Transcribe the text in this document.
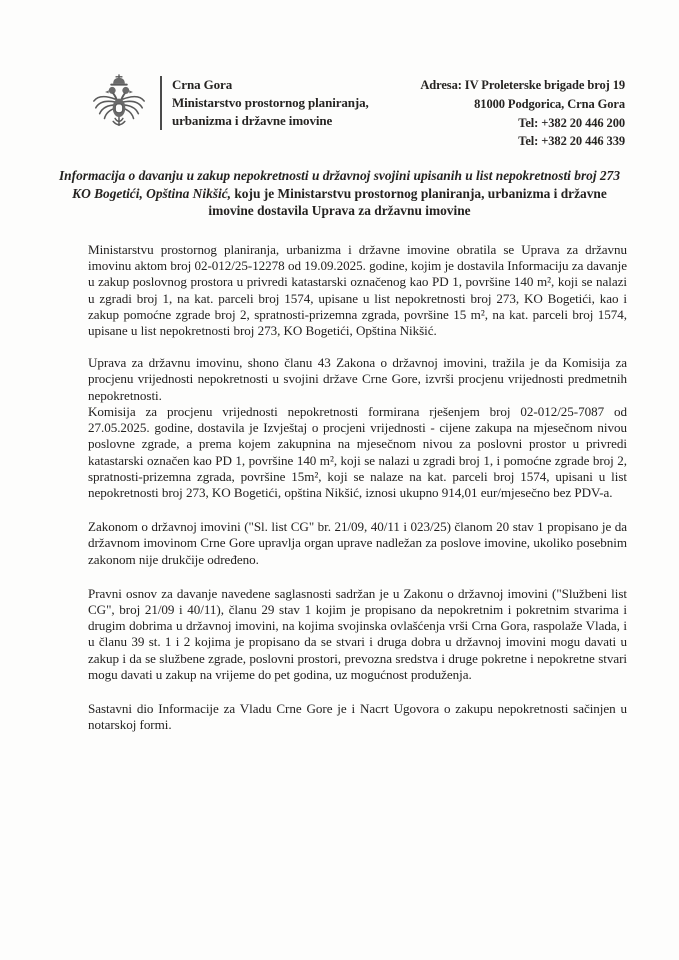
Crna Gora
Ministarstvo prostornog planiranja,
urbanizma i državne imovine
Adresa: IV Proleterske brigade broj 19
81000 Podgorica, Crna Gora
Tel: +382 20 446 200
Tel: +382 20 446 339
Informacija o davanju u zakup nepokretnosti u državnoj svojini upisanih u list nepokretnosti broj 273 KO Bogetići, Opština Nikšić, koju je Ministarstvu prostornog planiranja, urbanizma i državne imovine dostavila Uprava za državnu imovine

Ministarstvu prostornog planiranja, urbanizma i državne imovine obratila se Uprava za državnu imovinu aktom broj 02-012/25-12278 od 19.09.2025. godine, kojim je dostavila Informaciju za davanje u zakup poslovnog prostora u privredi katastarski označenog kao PD 1, površine 140 m², koji se nalazi u zgradi broj 1, na kat. parceli broj 1574, upisane u list nepokretnosti broj 273, KO Bogetići, kao i zakup pomoćne zgrade broj 2, spratnosti-prizemna zgrada, površine 15 m², na kat. parceli broj 1574, upisane u list nepokretnosti broj 273, KO Bogetići, Opština Nikšić.

Uprava za državnu imovinu, shono članu 43 Zakona o državnoj imovini, tražila je da Komisija za procjenu vrijednosti nepokretnosti u svojini države Crne Gore, izvrši procjenu vrijednosti predmetnih nepokretnosti.

Komisija za procjenu vrijednosti nepokretnosti formirana rješenjem broj 02-012/25-7087 od 27.05.2025. godine, dostavila je Izvještaj o procjeni vrijednosti - cijene zakupa na mjesečnom nivou poslovne zgrade, a prema kojem zakupnina na mjesečnom nivou za poslovni prostor u privredi katastarski označen kao PD 1, površine 140 m², koji se nalazi u zgradi broj 1, i pomoćne zgrade broj 2, spratnosti-prizemna zgrada, površine 15m², koji se nalaze na kat. parceli broj 1574, upisani u list nepokretnosti broj 273, KO Bogetići, opština Nikšić, iznosi ukupno 914,01 eur/mjesečno bez PDV-a.

Zakonom o državnoj imovini ("Sl. list CG" br. 21/09, 40/11 i 023/25) članom 20 stav 1 propisano je da državnom imovinom Crne Gore upravlja organ uprave nadležan za poslove imovine, ukoliko posebnim zakonom nije drukčije određeno.

Pravni osnov za davanje navedene saglasnosti sadržan je u Zakonu o državnoj imovini ("Službeni list CG", broj 21/09 i 40/11), članu 29 stav 1 kojim je propisano da nepokretnim i pokretnim stvarima i drugim dobrima u državnoj imovini, na kojima svojinska ovlašćenja vrši Crna Gora, raspolaže Vlada, i u članu 39 st. 1 i 2 kojima je propisano da se stvari i druga dobra u državnoj imovini mogu davati u zakup i da se službene zgrade, poslovni prostori, prevozna sredstva i druge pokretne i nepokretne stvari mogu davati u zakup na vrijeme do pet godina, uz mogućnost produženja.

Sastavni dio Informacije za Vladu Crne Gore je i Nacrt Ugovora o zakupu nepokretnosti sačinjen u notarskoj formi.
